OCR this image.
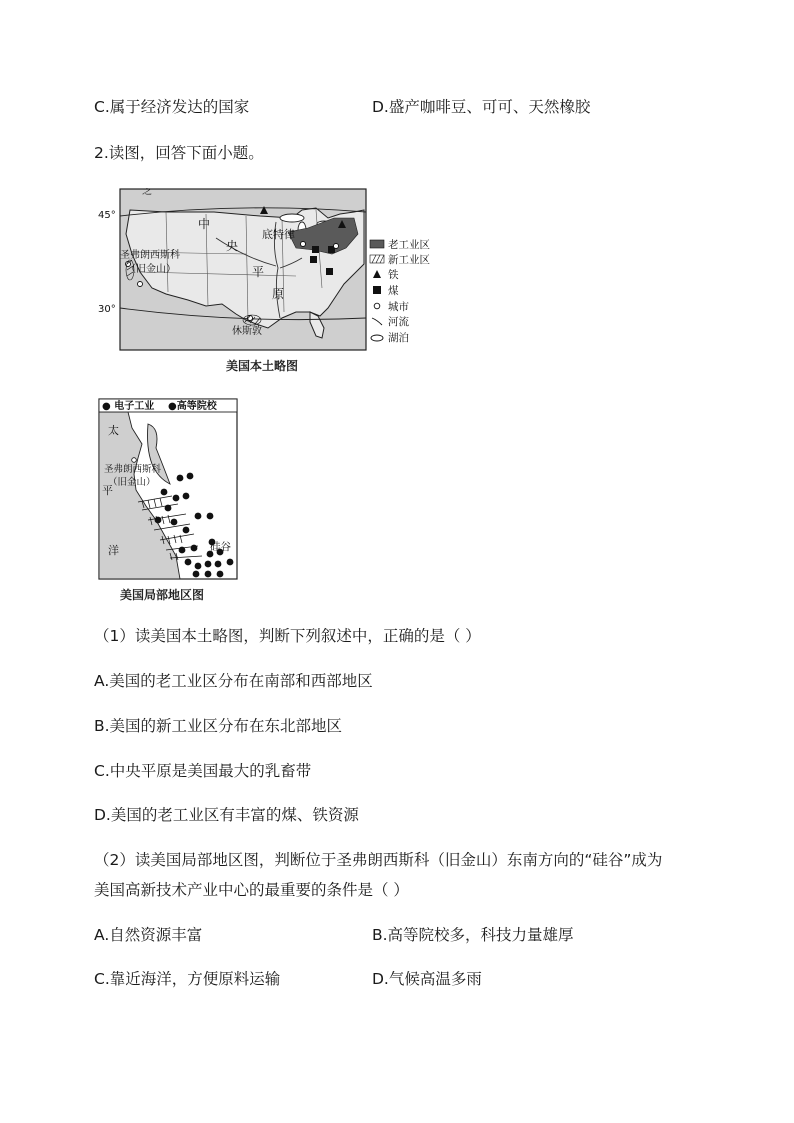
C.属于经济发达的国家	D.盛产咖啡豆、可可、天然橡胶
2.读图，回答下面小题。
45°
30°
芝
中
央
平
原
底特律
圣弗朗西斯科
（旧金山）
休斯敦
老工业区
新工业区
铁
煤
城市
河流
湖泊
美国本土略图
● 电子工业 ●高等院校
太
平
洋
圣弗朗西斯科
（旧金山）
硅谷
美国局部地区图
（1）读美国本土略图，判断下列叙述中，正确的是（ ）
A.美国的老工业区分布在南部和西部地区
B.美国的新工业区分布在东北部地区
C.中央平原是美国最大的乳畜带
D.美国的老工业区有丰富的煤、铁资源
（2）读美国局部地区图，判断位于圣弗朗西斯科（旧金山）东南方向的“硅谷”成为
美国高新技术产业中心的最重要的条件是（ ）
A.自然资源丰富	B.高等院校多，科技力量雄厚
C.靠近海洋，方便原料运输	D.气候高温多雨
